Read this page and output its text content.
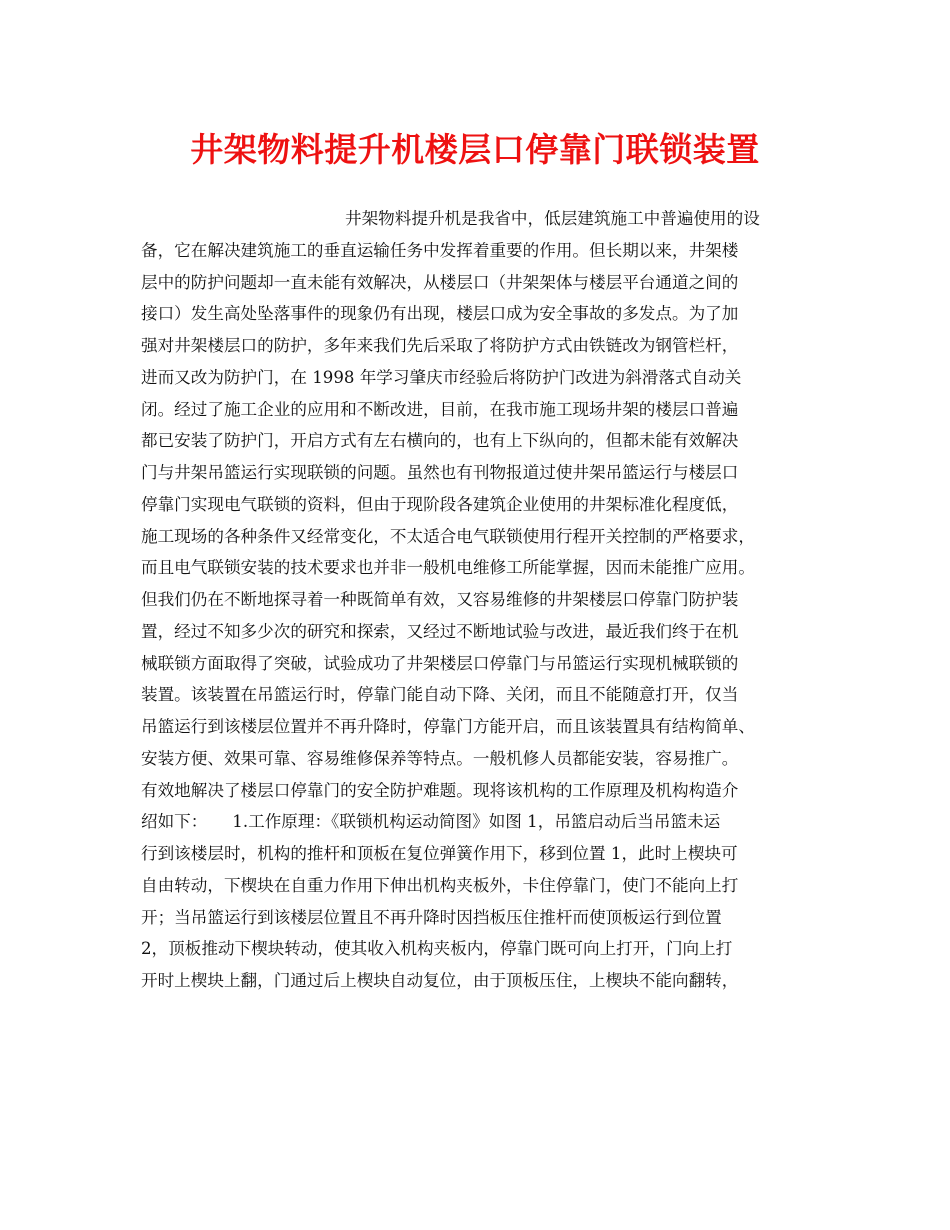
井架物料提升机楼层口停靠门联锁装置
井架物料提升机是我省中，低层建筑施工中普遍使用的设
备，它在解决建筑施工的垂直运输任务中发挥着重要的作用。但长期以来，井架楼
层中的防护问题却一直未能有效解决，从楼层口（井架架体与楼层平台通道之间的
接口）发生高处坠落事件的现象仍有出现，楼层口成为安全事故的多发点。为了加
强对井架楼层口的防护，多年来我们先后采取了将防护方式由铁链改为钢管栏杆，
进而又改为防护门，在 1998 年学习肇庆市经验后将防护门改进为斜滑落式自动关
闭。经过了施工企业的应用和不断改进，目前，在我市施工现场井架的楼层口普遍
都已安装了防护门，开启方式有左右横向的，也有上下纵向的，但都未能有效解决
门与井架吊篮运行实现联锁的问题。虽然也有刊物报道过使井架吊篮运行与楼层口
停靠门实现电气联锁的资料，但由于现阶段各建筑企业使用的井架标准化程度低，
施工现场的各种条件又经常变化，不太适合电气联锁使用行程开关控制的严格要求，
而且电气联锁安装的技术要求也并非一般机电维修工所能掌握，因而未能推广应用。
但我们仍在不断地探寻着一种既简单有效，又容易维修的井架楼层口停靠门防护装
置，经过不知多少次的研究和探索，又经过不断地试验与改进，最近我们终于在机
械联锁方面取得了突破，试验成功了井架楼层口停靠门与吊篮运行实现机械联锁的
装置。该装置在吊篮运行时，停靠门能自动下降、关闭，而且不能随意打开，仅当
吊篮运行到该楼层位置并不再升降时，停靠门方能开启，而且该装置具有结构简单、
安装方便、效果可靠、容易维修保养等特点。一般机修人员都能安装，容易推广。
有效地解决了楼层口停靠门的安全防护难题。现将该机构的工作原理及机构构造介
绍如下：　　1.工作原理：《联锁机构运动简图》如图 1，吊篮启动后当吊篮未运
行到该楼层时，机构的推杆和顶板在复位弹簧作用下，移到位置 1，此时上楔块可
自由转动，下楔块在自重力作用下伸出机构夹板外，卡住停靠门，使门不能向上打
开；当吊篮运行到该楼层位置且不再升降时因挡板压住推杆而使顶板运行到位置
2，顶板推动下楔块转动，使其收入机构夹板内，停靠门既可向上打开，门向上打
开时上楔块上翻，门通过后上楔块自动复位，由于顶板压住，上楔块不能向翻转，
